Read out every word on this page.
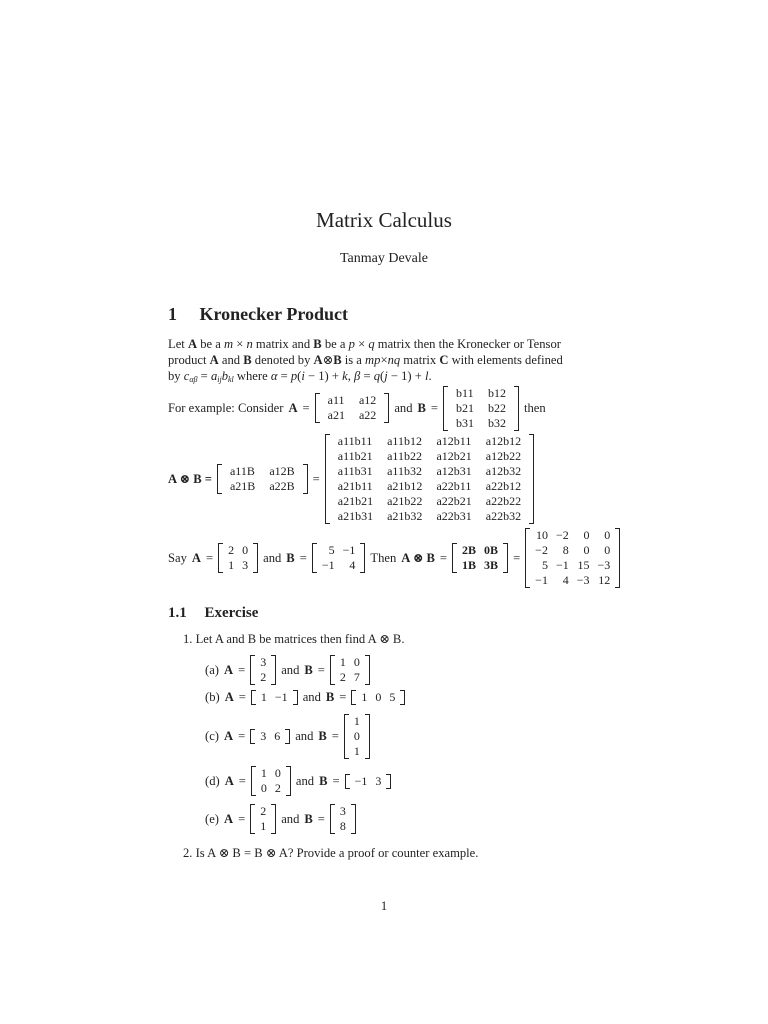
Matrix Calculus
Tanmay Devale
1 Kronecker Product
Let A be a m × n matrix and B be a p × q matrix then the Kronecker or Tensor
product A and B denoted by A⊗B is a mp×nq matrix C with elements defined
by $c_{\alpha\beta} = a_{ij}b_{kl}$ where α = p(i − 1) + k, β = q(j − 1) + l.
For example: Consider A =
a11	a12
a21	a22
and B =
b11	b12
b21	b22
b31	b32
then
A ⊗ B =
a11B	a12B
a21B	a22B
=
a11b11	a11b12	a12b11	a12b12
a11b21	a11b22	a12b21	a12b22
a11b31	a11b32	a12b31	a12b32
a21b11	a21b12	a22b11	a22b12
a21b21	a21b22	a22b21	a22b22
a21b31	a21b32	a22b31	a22b32
Say A =
2	0
1	3
and B =
5	−1
−1	4
Then A ⊗ B =
2B	0B
1B	3B
=
10	−2	0	0
−2	8	0	0
5	−1	15	−3
−1	4	−3	12
1.1 Exercise
1. Let A and B be matrices then find A ⊗ B.
(a) A =
3
2
and B =
1	0
2	7
(b) A = 1	−1 and B = 1	0	5
(c) A = 3	6 and B =
1
0
1
(d) A =
1	0
0	2
and B = −1	3
(e) A =
2
1
and B =
3
8
2. Is A ⊗ B = B ⊗ A? Provide a proof or counter example.
1
